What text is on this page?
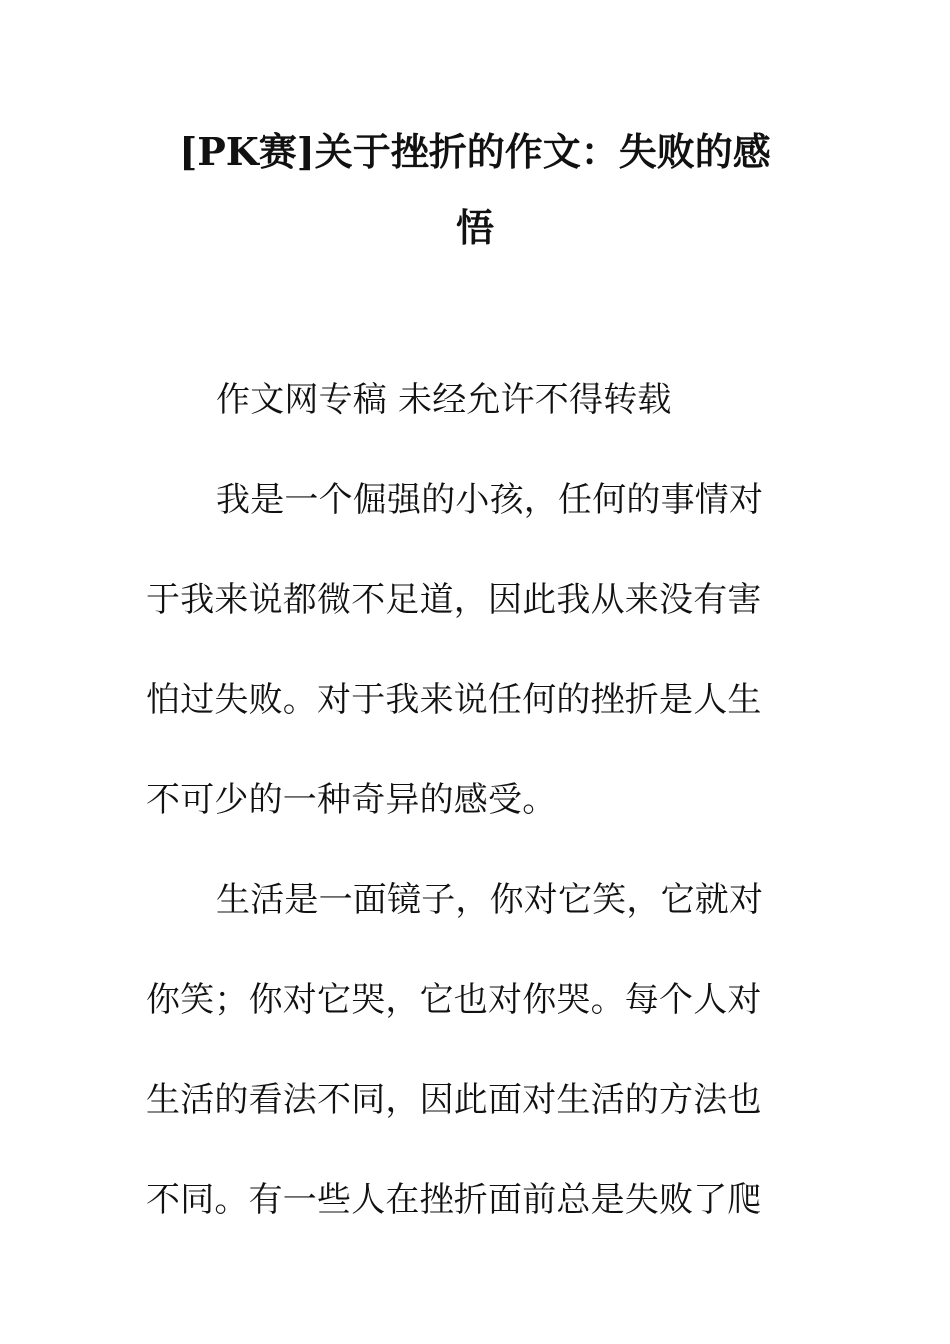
[PK赛]关于挫折的作文：失败的感
悟
作文网专稿 未经允许不得转载
我是一个倔强的小孩，任何的事情对
于我来说都微不足道，因此我从来没有害
怕过失败。对于我来说任何的挫折是人生
不可少的一种奇异的感受。
生活是一面镜子，你对它笑，它就对
你笑；你对它哭，它也对你哭。每个人对
生活的看法不同，因此面对生活的方法也
不同。有一些人在挫折面前总是失败了爬
